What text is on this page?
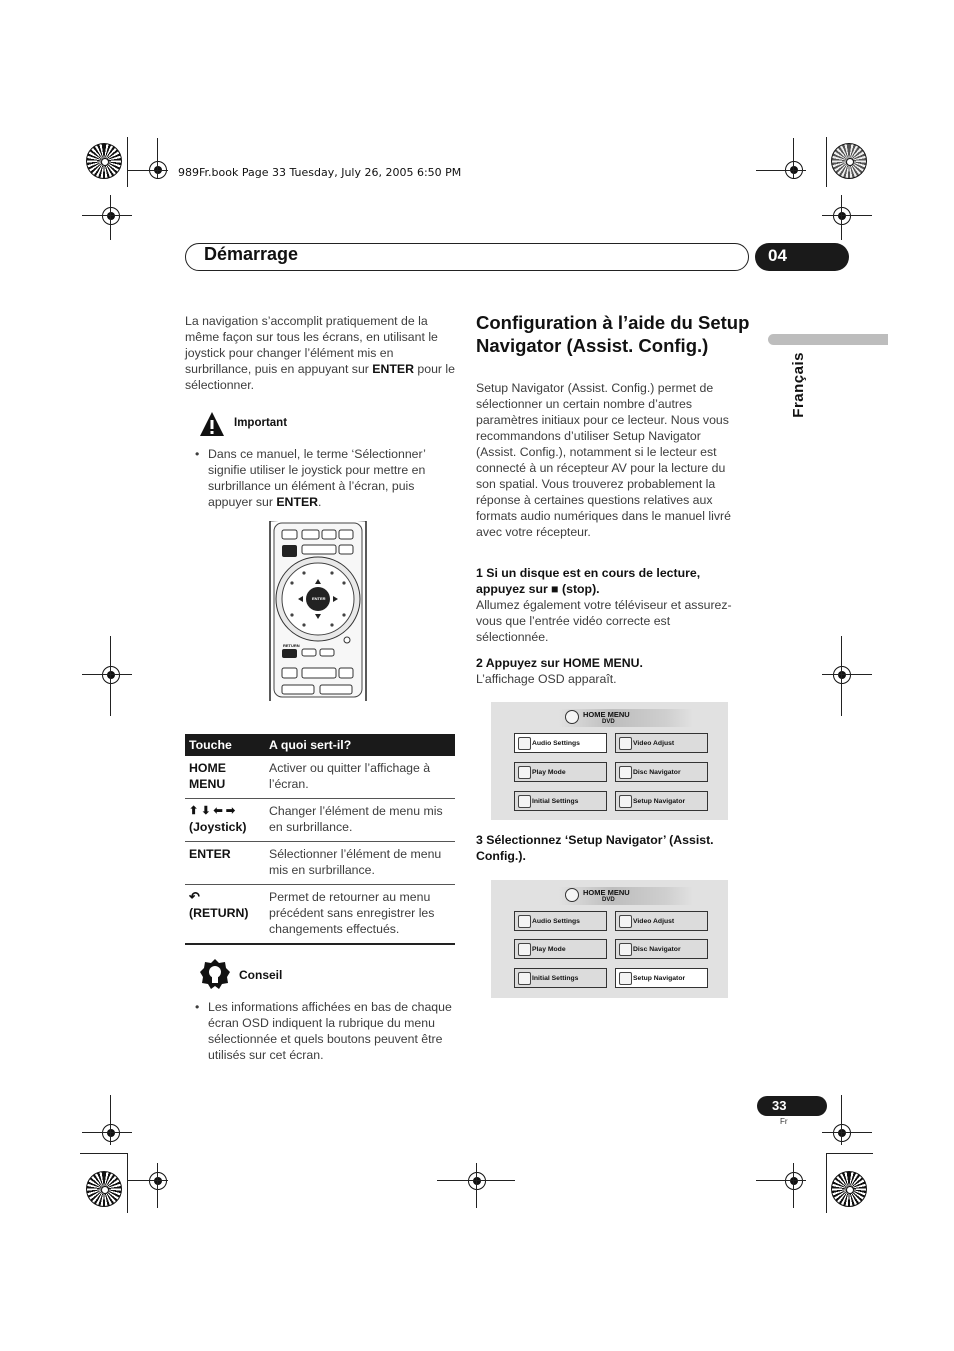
989Fr.book Page 33 Tuesday, July 26, 2005 6:50 PM
Démarrage	04
Français
La navigation s’accomplit pratiquement de la même façon sur tous les écrans, en utilisant le joystick pour changer l’élément mis en surbrillance, puis en appuyant sur ENTER pour le sélectionner.
Important
• Dans ce manuel, le terme ‘Sélectionner’ signifie utiliser le joystick pour mettre en surbrillance un élément à l’écran, puis appuyer sur ENTER.
ENTER
RETURN
Touche	A quoi sert-il?
HOME MENU	Activer ou quitter l’affichage à l’écran.

⬆ ⬇ ⬅ ➡
(Joystick)	Changer l’élément de menu mis en surbrillance.
ENTER	Sélectionner l’élément de menu mis en surbrillance.

↶
(RETURN)	Permet de retourner au menu précédent sans enregistrer les changements effectués.
Conseil
• Les informations affichées en bas de chaque écran OSD indiquent la rubrique du menu sélectionnée et quels boutons peuvent être utilisés sur cet écran.
Configuration à l’aide du Setup Navigator (Assist. Config.)
Setup Navigator (Assist. Config.) permet de sélectionner un certain nombre d’autres paramètres initiaux pour ce lecteur. Nous vous recommandons d’utiliser Setup Navigator (Assist. Config.), notamment si le lecteur est connecté à un récepteur AV pour la lecture du son spatial. Vous trouverez probablement la réponse à certaines questions relatives aux formats audio numériques dans le manuel livré avec votre récepteur.
1 Si un disque est en cours de lecture, appuyez sur ■ (stop).
Allumez également votre téléviseur et assurez-vous que l’entrée vidéo correcte est sélectionnée.
2 Appuyez sur HOME MENU.
L’affichage OSD apparaît.
HOME MENU
DVD
Audio Settings	Video Adjust
Play Mode	Disc Navigator
Initial Settings	Setup Navigator
3 Sélectionnez ‘Setup Navigator’ (Assist. Config.).
HOME MENU
DVD
Audio Settings	Video Adjust
Play Mode	Disc Navigator
Initial Settings	Setup Navigator
33
Fr
